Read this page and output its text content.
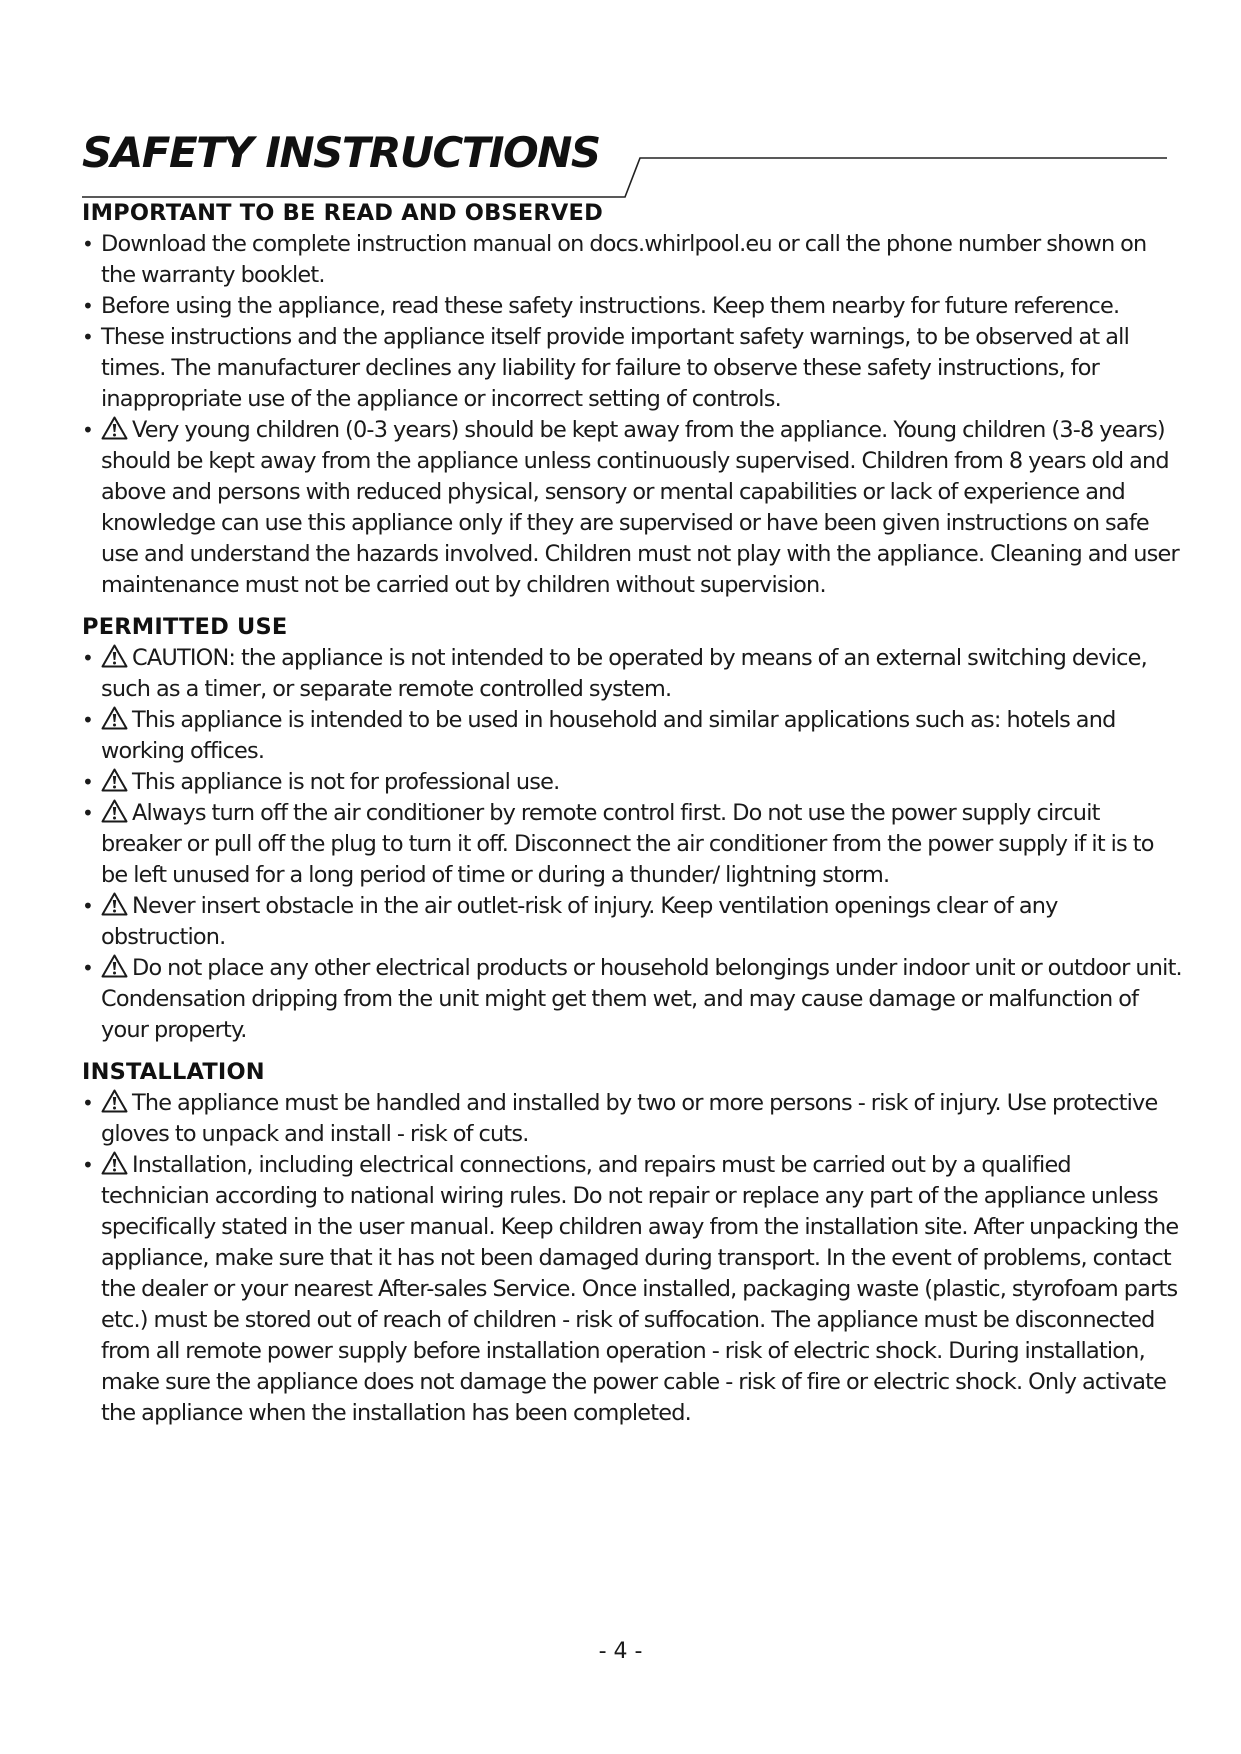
SAFETY INSTRUCTIONS
IMPORTANT TO BE READ AND OBSERVED
• Download the complete instruction manual on docs.whirlpool.eu or call the phone number shown on the warranty booklet.
• Before using the appliance, read these safety instructions. Keep them nearby for future reference.
• These instructions and the appliance itself provide important safety warnings, to be observed at all times. The manufacturer declines any liability for failure to observe these safety instructions, for inappropriate use of the appliance or incorrect setting of controls.
• Very young children (0-3 years) should be kept away from the appliance. Young children (3-8 years) should be kept away from the appliance unless continuously supervised. Children from 8 years old and above and persons with reduced physical, sensory or mental capabilities or lack of experience and knowledge can use this appliance only if they are supervised or have been given instructions on safe use and understand the hazards involved. Children must not play with the appliance. Cleaning and user maintenance must not be carried out by children without supervision.
PERMITTED USE
• CAUTION: the appliance is not intended to be operated by means of an external switching device, such as a timer, or separate remote controlled system.
• This appliance is intended to be used in household and similar applications such as: hotels and working offices.
• This appliance is not for professional use.
• Always turn off the air conditioner by remote control first. Do not use the power supply circuit breaker or pull off the plug to turn it off. Disconnect the air conditioner from the power supply if it is to be left unused for a long period of time or during a thunder/ lightning storm.
• Never insert obstacle in the air outlet-risk of injury. Keep ventilation openings clear of any obstruction.
• Do not place any other electrical products or household belongings under indoor unit or outdoor unit. Condensation dripping from the unit might get them wet, and may cause damage or malfunction of your property.
INSTALLATION
• The appliance must be handled and installed by two or more persons - risk of injury. Use protective gloves to unpack and install - risk of cuts.
• Installation, including electrical connections, and repairs must be carried out by a qualified technician according to national wiring rules. Do not repair or replace any part of the appliance unless specifically stated in the user manual. Keep children away from the installation site. After unpacking the appliance, make sure that it has not been damaged during transport. In the event of problems, contact the dealer or your nearest After-sales Service. Once installed, packaging waste (plastic, styrofoam parts etc.) must be stored out of reach of children - risk of suffocation. The appliance must be disconnected from all remote power supply before installation operation - risk of electric shock. During installation, make sure the appliance does not damage the power cable - risk of fire or electric shock. Only activate the appliance when the installation has been completed.
- 4 -
